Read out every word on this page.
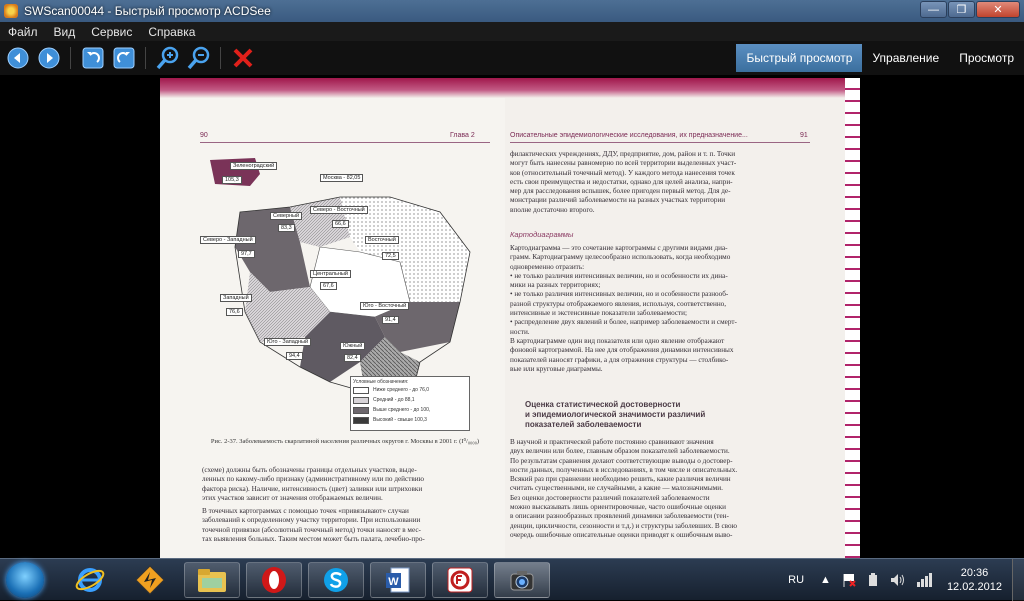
SWScan00044 - Быстрый просмотр ACDSee	—	❐	✕
Файл	Вид	Сервис	Справка
Быстрый просмотр	Управление	Просмотр
90	Глава 2
Зеленоградский
105,3	Москва - 82,05
Северный
83,3
Северо - Восточный
66,6
Северо - Западный
97,7
Восточный
72,5
Центральный
67,6
Западный
76,6
Юго - Восточный
91,4
Юго - Западный
94,4
Южный
82,4
Условные обозначения:
Ниже среднего - до 76,0
Средний - до 88,1
Выше среднего - до 100,
Высокий - свыше 100,3
Рис. 2-37. Заболеваемость скарлатиной населения различных округов г. Москвы в 2001 г. (I⁰/₀₀₀₀)

(схеме) должны быть обозначены границы отдельных участков, выде-

ленных по какому-либо признаку (административному или по действию

фактора риска). Наличие, интенсивность (цвет) заливки или штриховки

этих участков зависит от значения отображаемых величин.

В точечных картограммах с помощью точек «привязывают» случаи

заболеваний к определенному участку территории. При использовании

точечной привязки (абсолютный точечный метод) точки наносят в мес-

тах выявления больных. Таким местом может быть палата, лечебно-про-

Описательные эпидемиологические исследования, их предназначение...	91

филактических учреждениях, ДДУ, предприятие, дом, район и т. п. Точки

могут быть нанесены равномерно по всей территории выделенных участ-

ков (относительный точечный метод). У каждого метода нанесения точек

есть свои преимущества и недостатки, однако для целей анализа, напри-

мер для расследования вспышек, более пригоден первый метод. Для де-

монстрации различий заболеваемости на разных участках территории

вполне достаточно второго.

Картодиаграммы

Картодиаграмма — это сочетание картограммы с другими видами диа-

грамм. Картодиаграмму целесообразно использовать, когда необходимо

одновременно отразить:

• не только различия интенсивных величин, но и особенности их дина-

мики на разных территориях;

• не только различия интенсивных величин, но и особенности разнооб-

разной структуры отображаемого явления, используя, соответственно,

интенсивные и экстенсивные показатели заболеваемости;

• распределение двух явлений и более, например заболеваемости и смерт-

ности.

В картодиаграмме один вид показателя или одно явление отображают

фоновой картограммой. На нее для отображения динамики интенсивных

показателей наносят графики, а для отражения структуры — столбико-

вые или круговые диаграммы.

Оценка статистической достоверности
и эпидемиологической значимости различий
показателей заболеваемости

В научной и практической работе постоянно сравнивают значения

двух величин или более, главным образом показателей заболеваемости.

По результатам сравнения делают соответствующие выводы о достовер-

ности данных, полученных в исследованиях, в том числе и описательных.

Всякий раз при сравнении необходимо решить, какие различия величин

считать существенными, не случайными, а какие — малозначимыми.

Без оценки достоверности различий показателей заболеваемости

можно высказывать лишь ориентировочные, часто ошибочные оценки

в описании разнообразных проявлений динамики заболеваемости (тен-

денции, цикличности, сезонности и т.д.) и структуры заболевших. В свою

очередь ошибочные описательные оценки приводят к ошибочным выво-

W	RU	▲
20:36
12.02.2012
